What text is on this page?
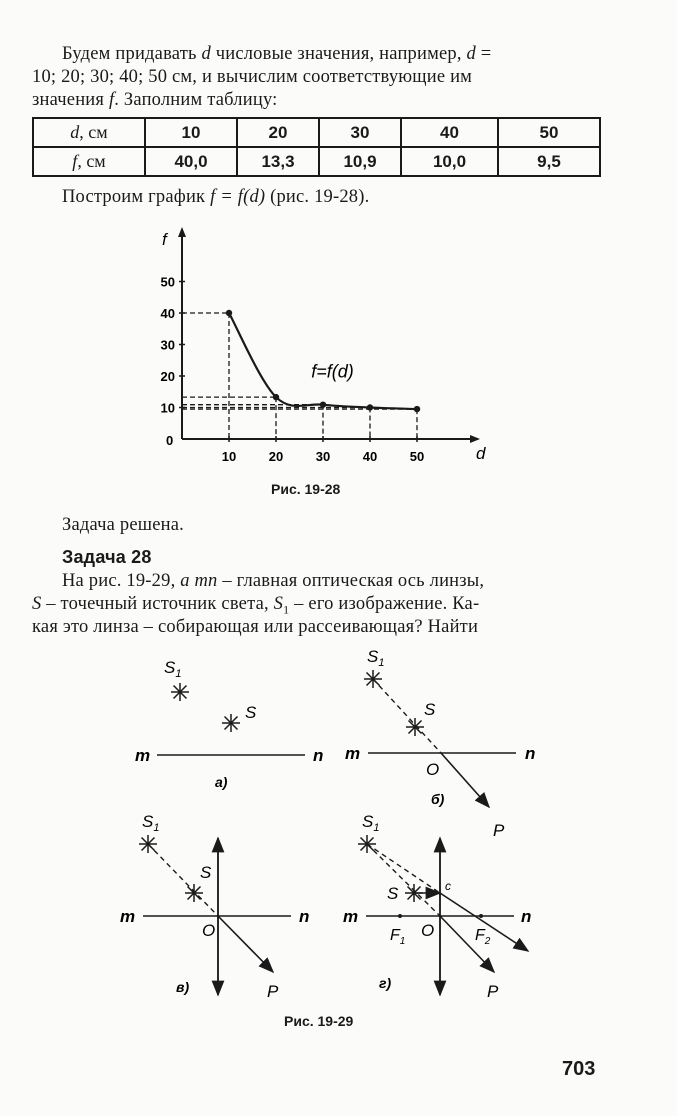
Будем придавать d числовые значения, например, d =
10; 20; 30; 40; 50 см, и вычислим соответствующие им
значения f. Заполним таблицу:
d, см	10	20	30	40	50
f, см	40,0	13,3	10,9	10,0	9,5
Построим график f = f(d) (рис. 19-28).
d
f
0
10	20	30	40	50
10
20
30
40
50
f=f(d)
Рис. 19-28
Задача решена.
Задача 28
На рис. 19-29, а mn – главная оптическая ось линзы,
S – точечный источник света, $S_1$ – его изображение. Ка-
кая это линза – собирающая или рассеивающая? Найти
$S_1$
S
m	n
а)
$S_1$
S
m	n
O
P
б)
$S_1$
S
m	n
O
P
в)
$S_1$
S	c
m	n
O
$F_1$	$F_2$
P
г)
Рис. 19-29
703
